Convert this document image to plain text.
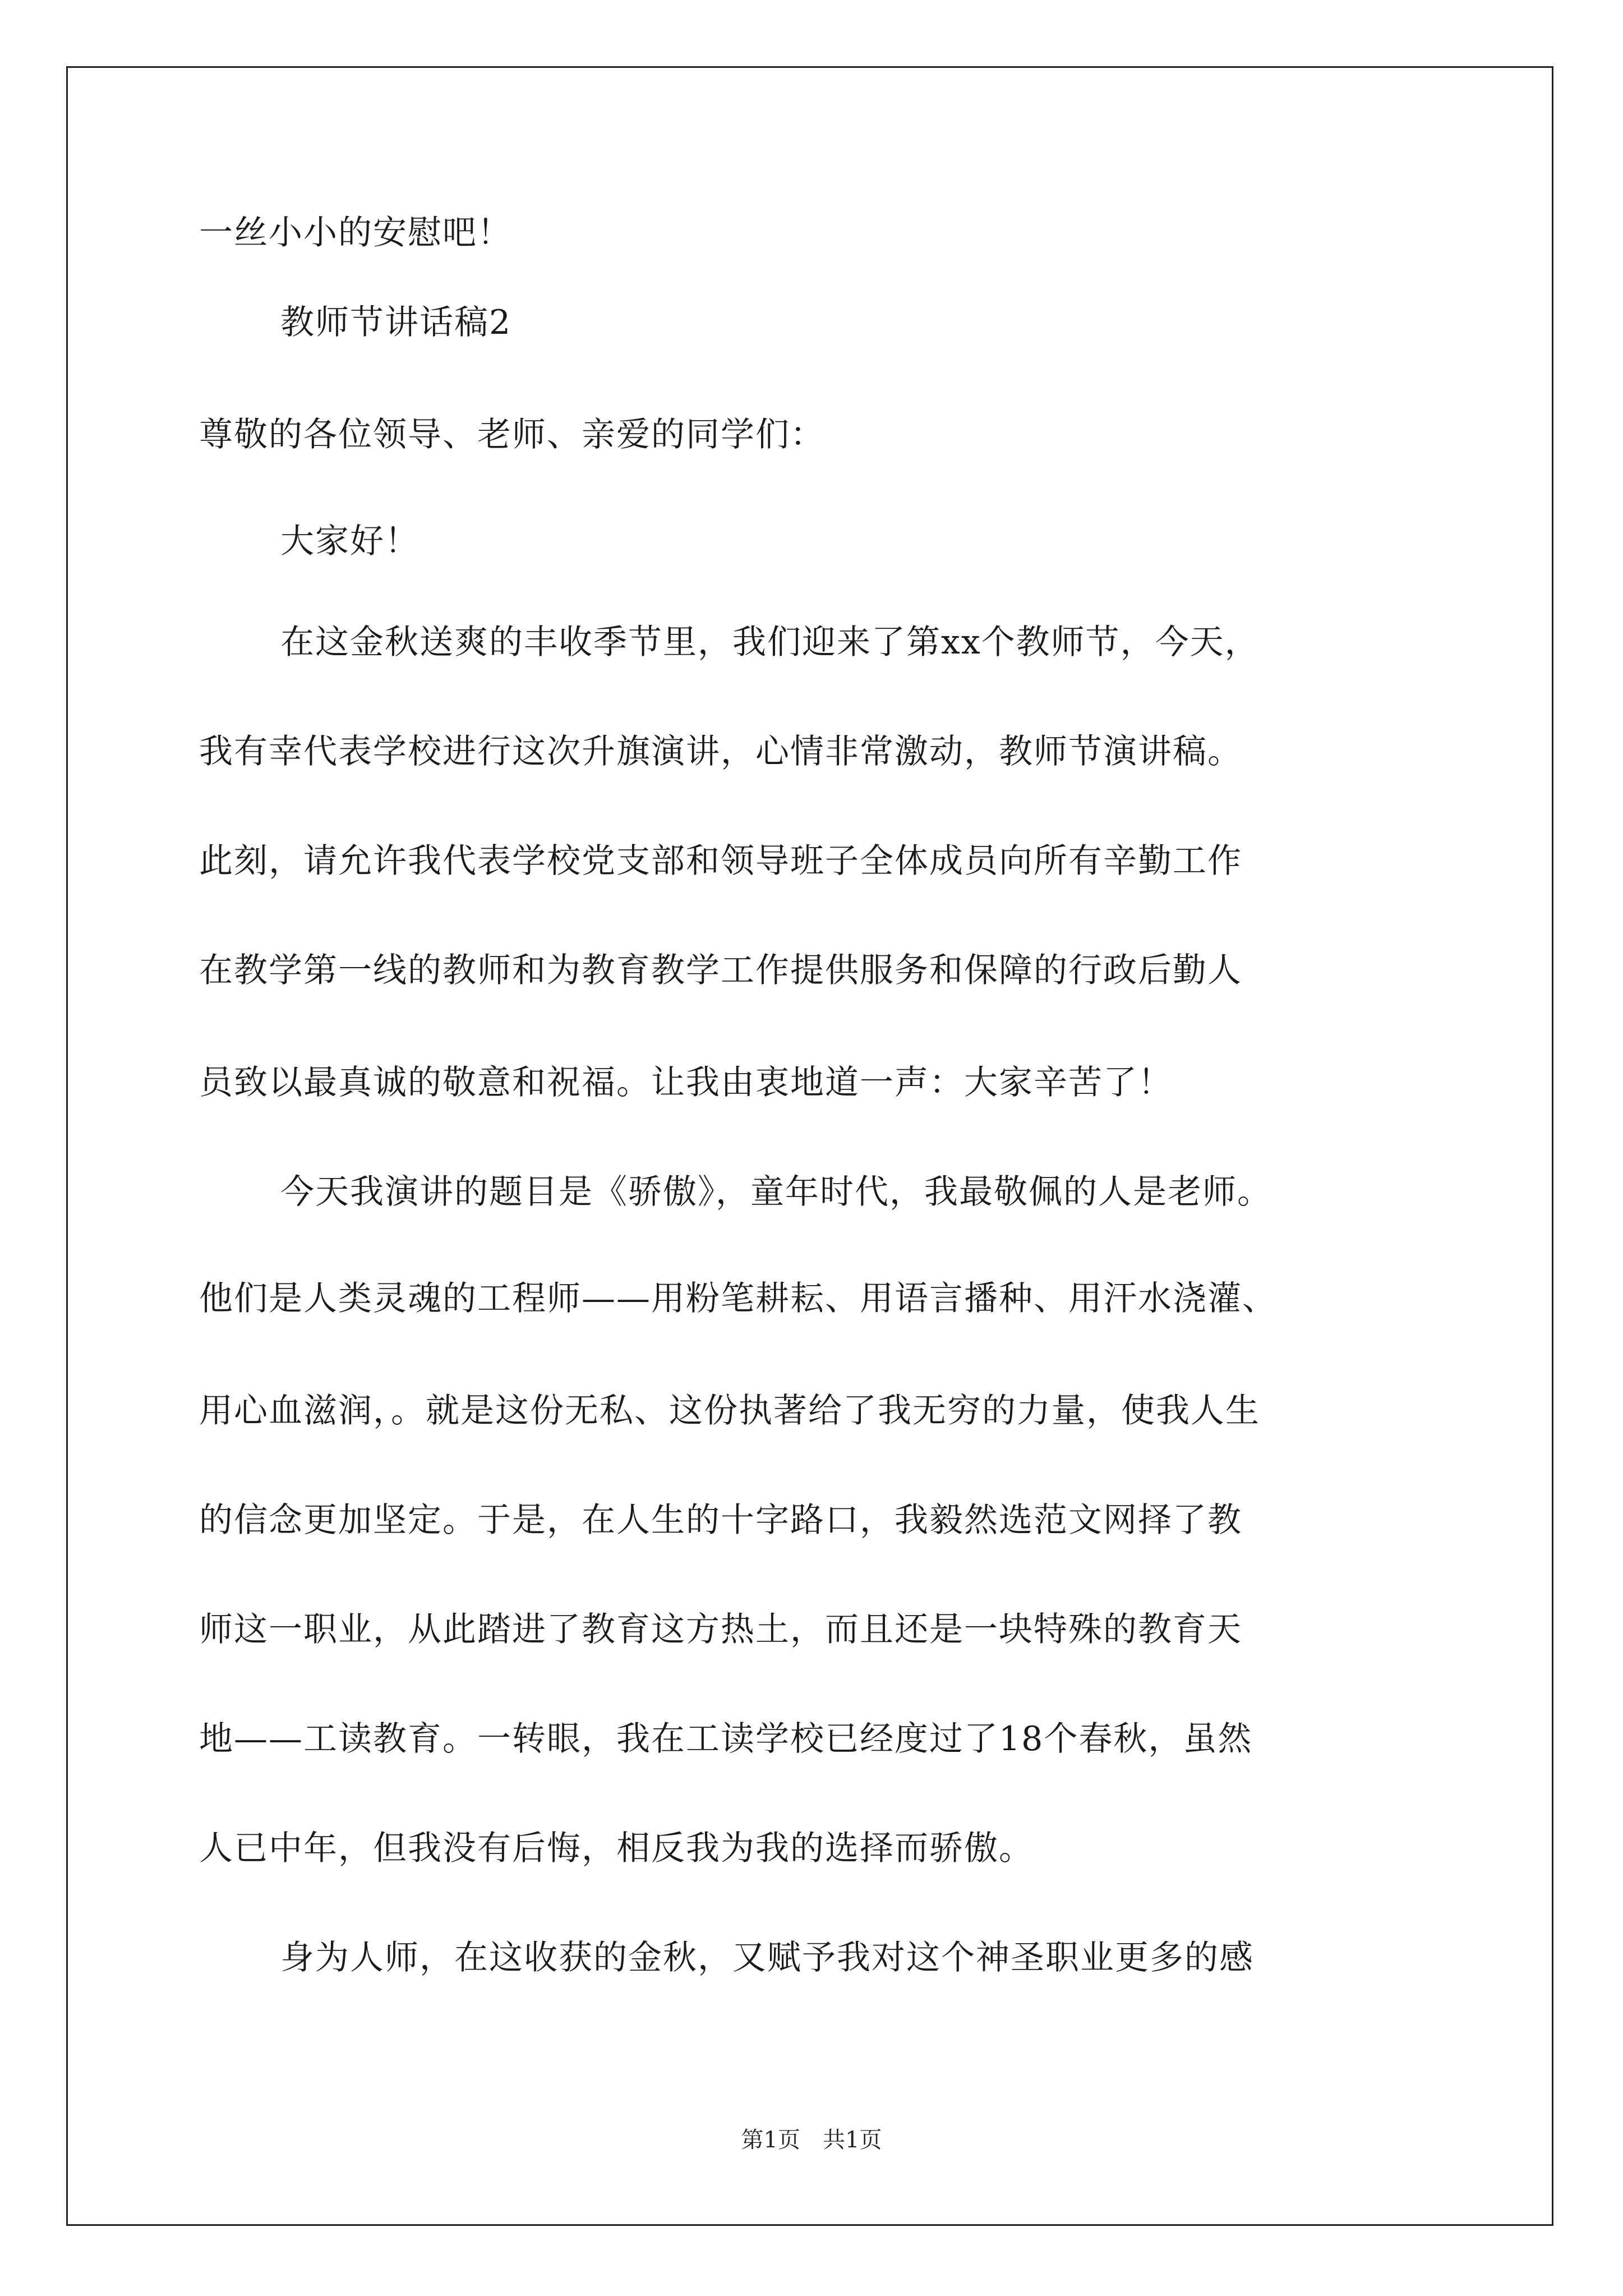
一丝小小的安慰吧！
教师节讲话稿2
尊敬的各位领导、老师、亲爱的同学们：
大家好！
在这金秋送爽的丰收季节里，我们迎来了第xx个教师节，今天，
我有幸代表学校进行这次升旗演讲，心情非常激动，教师节演讲稿。
此刻，请允许我代表学校党支部和领导班子全体成员向所有辛勤工作
在教学第一线的教师和为教育教学工作提供服务和保障的行政后勤人
员致以最真诚的敬意和祝福。让我由衷地道一声：大家辛苦了！
今天我演讲的题目是《骄傲》，童年时代，我最敬佩的人是老师。
他们是人类灵魂的工程师——用粉笔耕耘、用语言播种、用汗水浇灌、
用心血滋润，。就是这份无私、这份执著给了我无穷的力量，使我人生
的信念更加坚定。于是，在人生的十字路口，我毅然选范文网择了教
师这一职业，从此踏进了教育这方热土，而且还是一块特殊的教育天
地——工读教育。一转眼，我在工读学校已经度过了18个春秋，虽然
人已中年，但我没有后悔，相反我为我的选择而骄傲。
身为人师，在这收获的金秋，又赋予我对这个神圣职业更多的感
第1页 共1页
